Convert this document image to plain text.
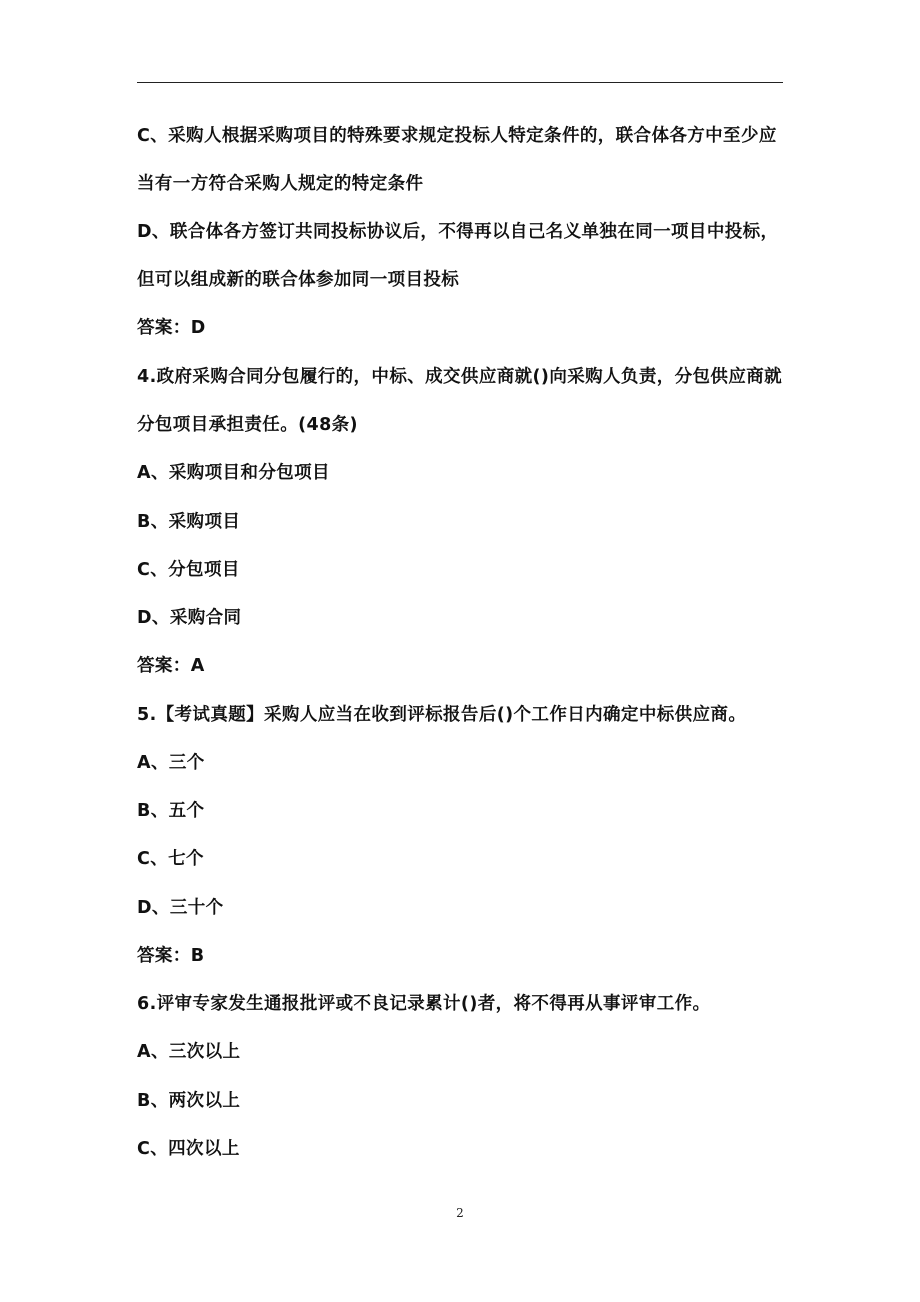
C、采购人根据采购项目的特殊要求规定投标人特定条件的，联合体各方中至少应
当有一方符合采购人规定的特定条件
D、联合体各方签订共同投标协议后，不得再以自己名义单独在同一项目中投标，
但可以组成新的联合体参加同一项目投标
答案：D
4.政府采购合同分包履行的，中标、成交供应商就()向采购人负责，分包供应商就
分包项目承担责任。(48条)
A、采购项目和分包项目
B、采购项目
C、分包项目
D、采购合同
答案：A
5.【考试真题】采购人应当在收到评标报告后()个工作日内确定中标供应商。
A、三个
B、五个
C、七个
D、三十个
答案：B
6.评审专家发生通报批评或不良记录累计()者，将不得再从事评审工作。
A、三次以上
B、两次以上
C、四次以上
2
